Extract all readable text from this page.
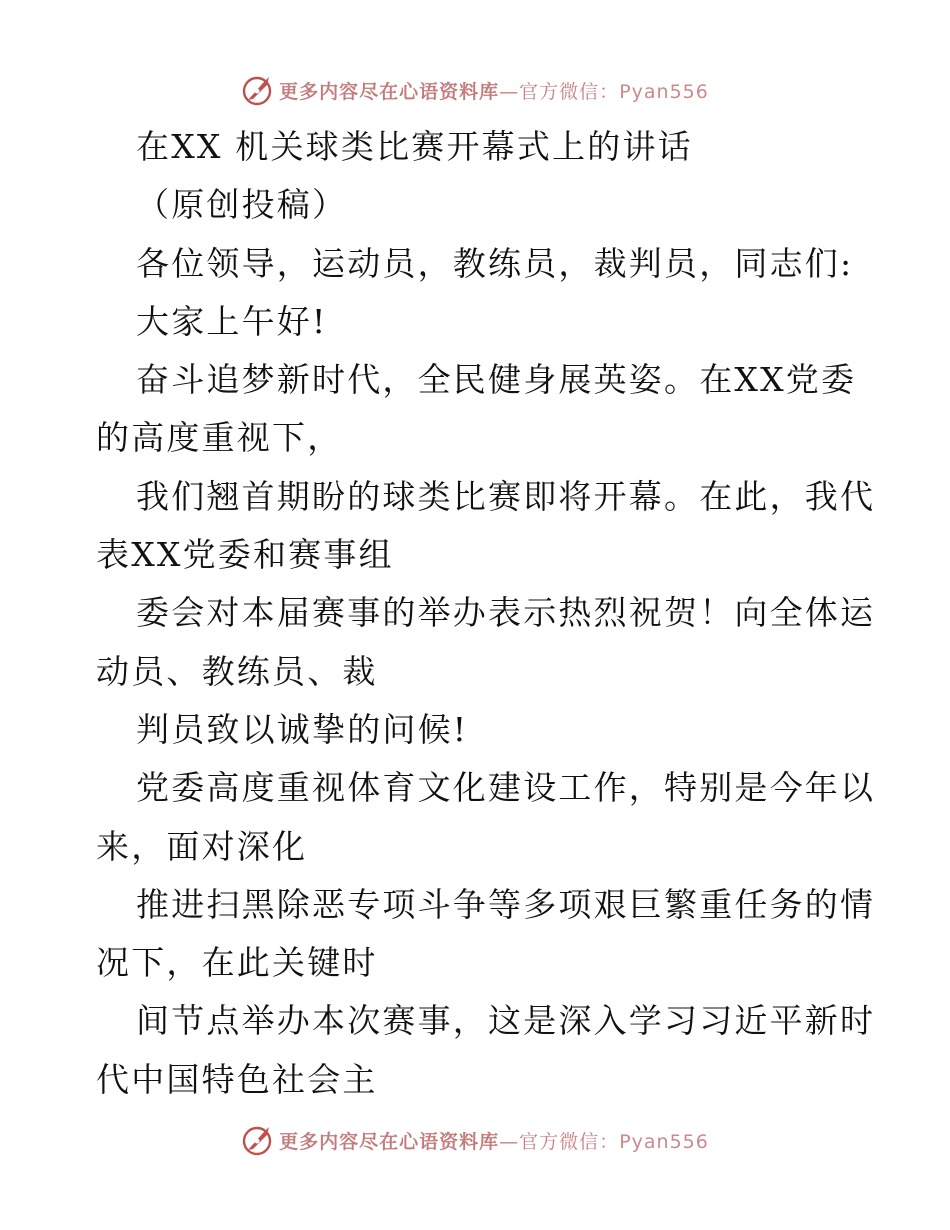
更多内容尽在心语资料库—官方微信：Pyan556
在XX 机关球类比赛开幕式上的讲话
（原创投稿）
各位领导，运动员，教练员，裁判员，同志们:
大家上午好!
奋斗追梦新时代，全民健身展英姿。在XX党委
的高度重视下，
我们翘首期盼的球类比赛即将开幕。在此，我代
表XX党委和赛事组
委会对本届赛事的举办表示热烈祝贺！向全体运
动员、教练员、裁
判员致以诚挚的问候!
党委高度重视体育文化建设工作，特别是今年以
来，面对深化
推进扫黑除恶专项斗争等多项艰巨繁重任务的情
况下，在此关键时
间节点举办本次赛事，这是深入学习习近平新时
代中国特色社会主
更多内容尽在心语资料库—官方微信：Pyan556
